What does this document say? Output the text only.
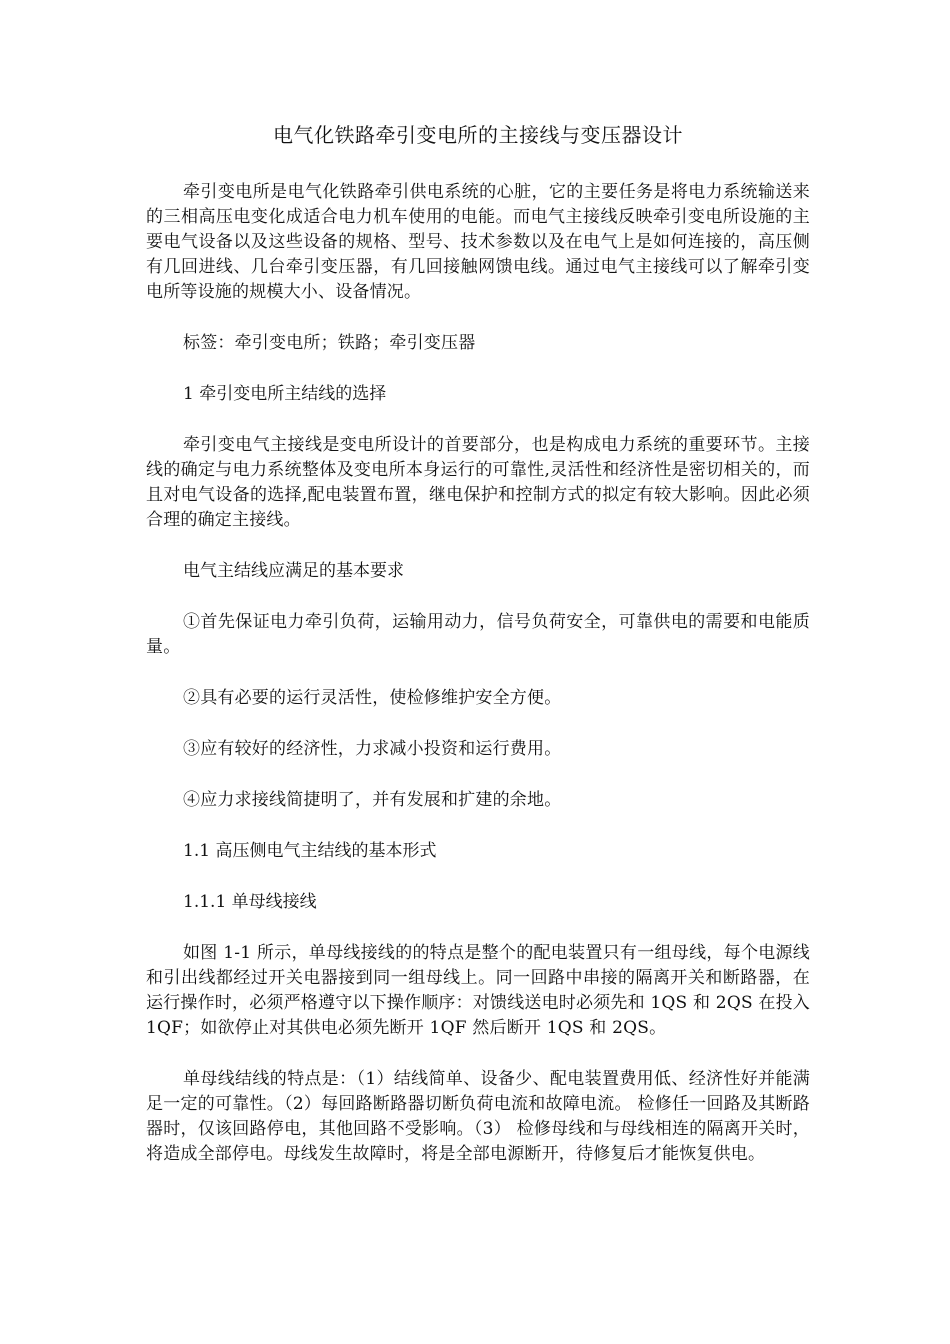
电气化铁路牵引变电所的主接线与变压器设计

牵引变电所是电气化铁路牵引供电系统的心脏，它的主要任务是将电力系统输送来的三相高压电变化成适合电力机车使用的电能。而电气主接线反映牵引变电所设施的主要电气设备以及这些设备的规格、型号、技术参数以及在电气上是如何连接的，高压侧有几回进线、几台牵引变压器，有几回接触网馈电线。通过电气主接线可以了解牵引变电所等设施的规模大小、设备情况。

标签：牵引变电所；铁路；牵引变压器

1 牵引变电所主结线的选择

牵引变电气主接线是变电所设计的首要部分，也是构成电力系统的重要环节。主接线的确定与电力系统整体及变电所本身运行的可靠性,灵活性和经济性是密切相关的，而且对电气设备的选择,配电装置布置，继电保护和控制方式的拟定有较大影响。因此必须合理的确定主接线。

电气主结线应满足的基本要求

①首先保证电力牵引负荷，运输用动力，信号负荷安全，可靠供电的需要和电能质量。

②具有必要的运行灵活性，使检修维护安全方便。

③应有较好的经济性，力求减小投资和运行费用。

④应力求接线简捷明了，并有发展和扩建的余地。

1.1 高压侧电气主结线的基本形式

1.1.1 单母线接线

如图 1-1 所示，单母线接线的的特点是整个的配电装置只有一组母线，每个电源线和引出线都经过开关电器接到同一组母线上。同一回路中串接的隔离开关和断路器，在运行操作时，必须严格遵守以下操作顺序：对馈线送电时必须先和 1QS 和 2QS 在投入 1QF；如欲停止对其供电必须先断开 1QF 然后断开 1QS 和 2QS。

单母线结线的特点是：（1）结线简单、设备少、配电装置费用低、经济性好并能满足一定的可靠性。（2）每回路断路器切断负荷电流和故障电流。 检修任一回路及其断路器时，仅该回路停电，其他回路不受影响。（3） 检修母线和与母线相连的隔离开关时，将造成全部停电。母线发生故障时，将是全部电源断开，待修复后才能恢复供电。
